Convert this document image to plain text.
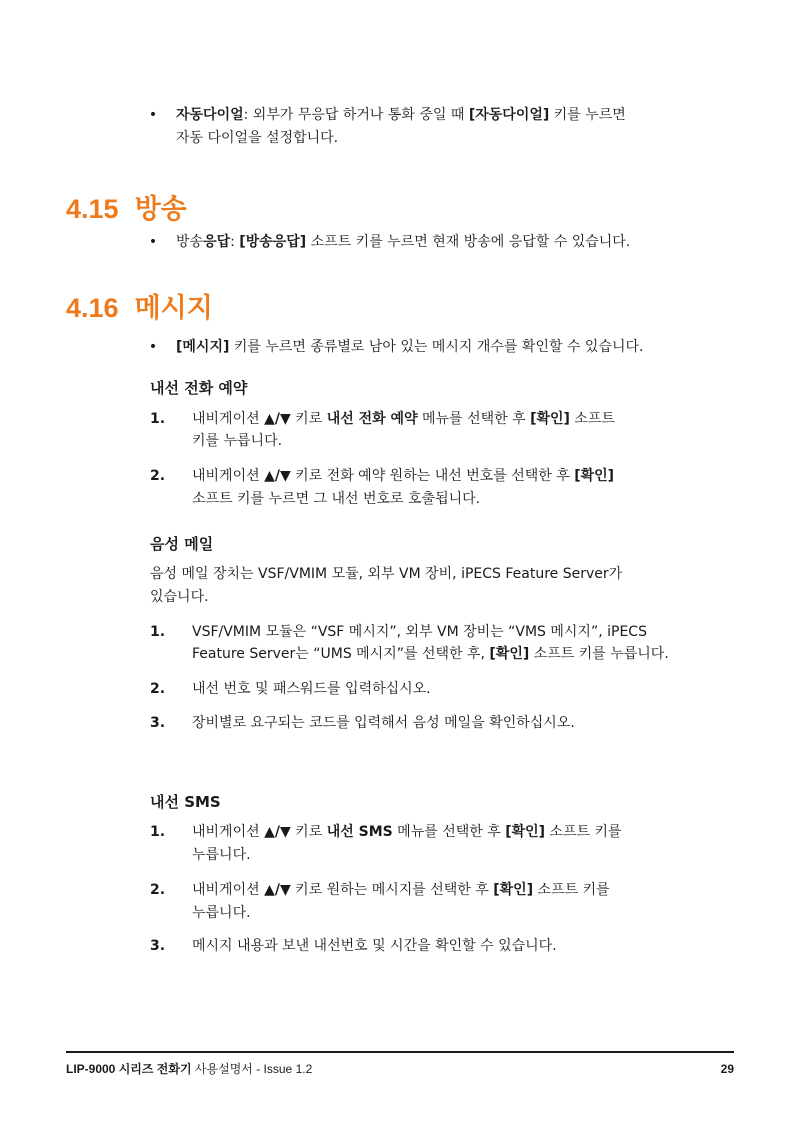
• 자동다이얼: 외부가 무응답 하거나 통화 중일 때 [자동다이얼] 키를 누르면
자동 다이얼을 설정합니다.
4.15 방송
• 방송응답: [방송응답] 소프트 키를 누르면 현재 방송에 응답할 수 있습니다.
4.16 메시지
• [메시지] 키를 누르면 종류별로 남아 있는 메시지 개수를 확인할 수 있습니다.
내선 전화 예약
1. 내비게이션 ▲/▼ 키로 내선 전화 예약 메뉴를 선택한 후 [확인] 소프트
키를 누릅니다.
2. 내비게이션 ▲/▼ 키로 전화 예약 원하는 내선 번호를 선택한 후 [확인]
소프트 키를 누르면 그 내선 번호로 호출됩니다.
음성 메일
음성 메일 장치는 VSF/VMIM 모듈, 외부 VM 장비, iPECS Feature Server가
있습니다.
1. VSF/VMIM 모듈은 “VSF 메시지”, 외부 VM 장비는 “VMS 메시지”, iPECS
Feature Server는 “UMS 메시지”를 선택한 후, [확인] 소프트 키를 누릅니다.
2. 내선 번호 및 패스워드를 입력하십시오.
3. 장비별로 요구되는 코드를 입력해서 음성 메일을 확인하십시오.
내선 SMS
1. 내비게이션 ▲/▼ 키로 내선 SMS 메뉴를 선택한 후 [확인] 소프트 키를
누릅니다.
2. 내비게이션 ▲/▼ 키로 원하는 메시지를 선택한 후 [확인] 소프트 키를
누릅니다.
3. 메시지 내용과 보낸 내선번호 및 시간을 확인할 수 있습니다.
LIP-9000 시리즈 전화기 사용설명서 - Issue 1.2	29
